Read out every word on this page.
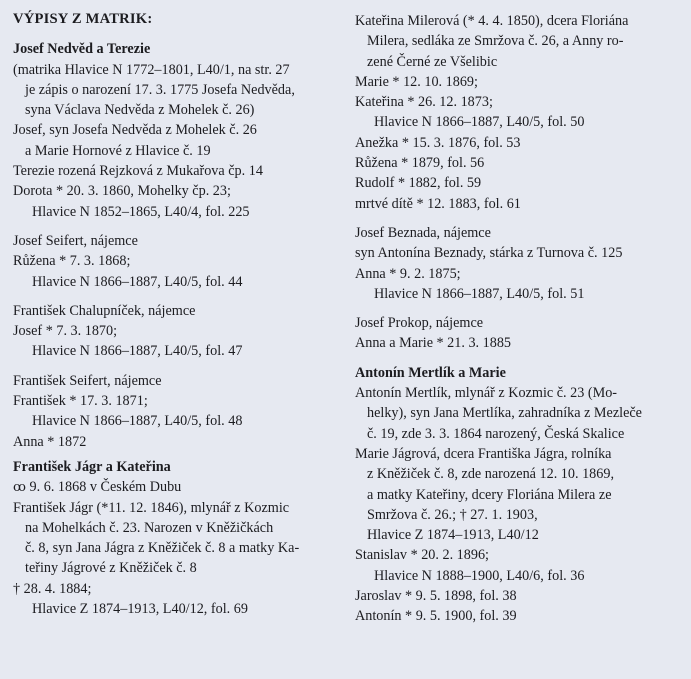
VÝPISY Z MATRIK:
Josef Nedvěd a Terezie
(matrika Hlavice N 1772–1801, L40/1, na str. 27
je zápis o narození 17. 3. 1775 Josefa Nedvěda,
syna Václava Nedvěda z Mohelek č. 26)
Josef, syn Josefa Nedvěda z Mohelek č. 26
a Marie Hornové z Hlavice č. 19
Terezie rozená Rejzková z Mukařova čp. 14
Dorota * 20. 3. 1860, Mohelky čp. 23;
Hlavice N 1852–1865, L40/4, fol. 225
Josef Seifert, nájemce
Růžena * 7. 3. 1868;
Hlavice N 1866–1887, L40/5, fol. 44
František Chalupníček, nájemce
Josef * 7. 3. 1870;
Hlavice N 1866–1887, L40/5, fol. 47
František Seifert, nájemce
František * 17. 3. 1871;
Hlavice N 1866–1887, L40/5, fol. 48
Anna * 1872
František Jágr a Kateřina
ꝏ 9. 6. 1868 v Českém Dubu
František Jágr (*11. 12. 1846), mlynář z Kozmic
na Mohelkách č. 23. Narozen v Kněžičkách
č. 8, syn Jana Jágra z Kněžiček č. 8 a matky Ka-
teřiny Jágrové z Kněžiček č. 8
† 28. 4. 1884;
Hlavice Z 1874–1913, L40/12, fol. 69
Kateřina Milerová (* 4. 4. 1850), dcera Floriána
Milera, sedláka ze Smržova č. 26, a Anny ro-
zené Černé ze Všelibic
Marie * 12. 10. 1869;
Kateřina * 26. 12. 1873;
Hlavice N 1866–1887, L40/5, fol. 50
Anežka * 15. 3. 1876, fol. 53
Růžena * 1879, fol. 56
Rudolf * 1882, fol. 59
mrtvé dítě * 12. 1883, fol. 61
Josef Beznada, nájemce
syn Antonína Beznady, stárka z Turnova č. 125
Anna * 9. 2. 1875;
Hlavice N 1866–1887, L40/5, fol. 51
Josef Prokop, nájemce
Anna a Marie * 21. 3. 1885
Antonín Mertlík a Marie
Antonín Mertlík, mlynář z Kozmic č. 23 (Mo-
helky), syn Jana Mertlíka, zahradníka z Mezleče
č. 19, zde 3. 3. 1864 narozený, Česká Skalice
Marie Jágrová, dcera Františka Jágra, rolníka
z Kněžiček č. 8, zde narozená 12. 10. 1869,
a matky Kateřiny, dcery Floriána Milera ze
Smržova č. 26.; † 27. 1. 1903,
Hlavice Z 1874–1913, L40/12
Stanislav * 20. 2. 1896;
Hlavice N 1888–1900, L40/6, fol. 36
Jaroslav * 9. 5. 1898, fol. 38
Antonín * 9. 5. 1900, fol. 39
